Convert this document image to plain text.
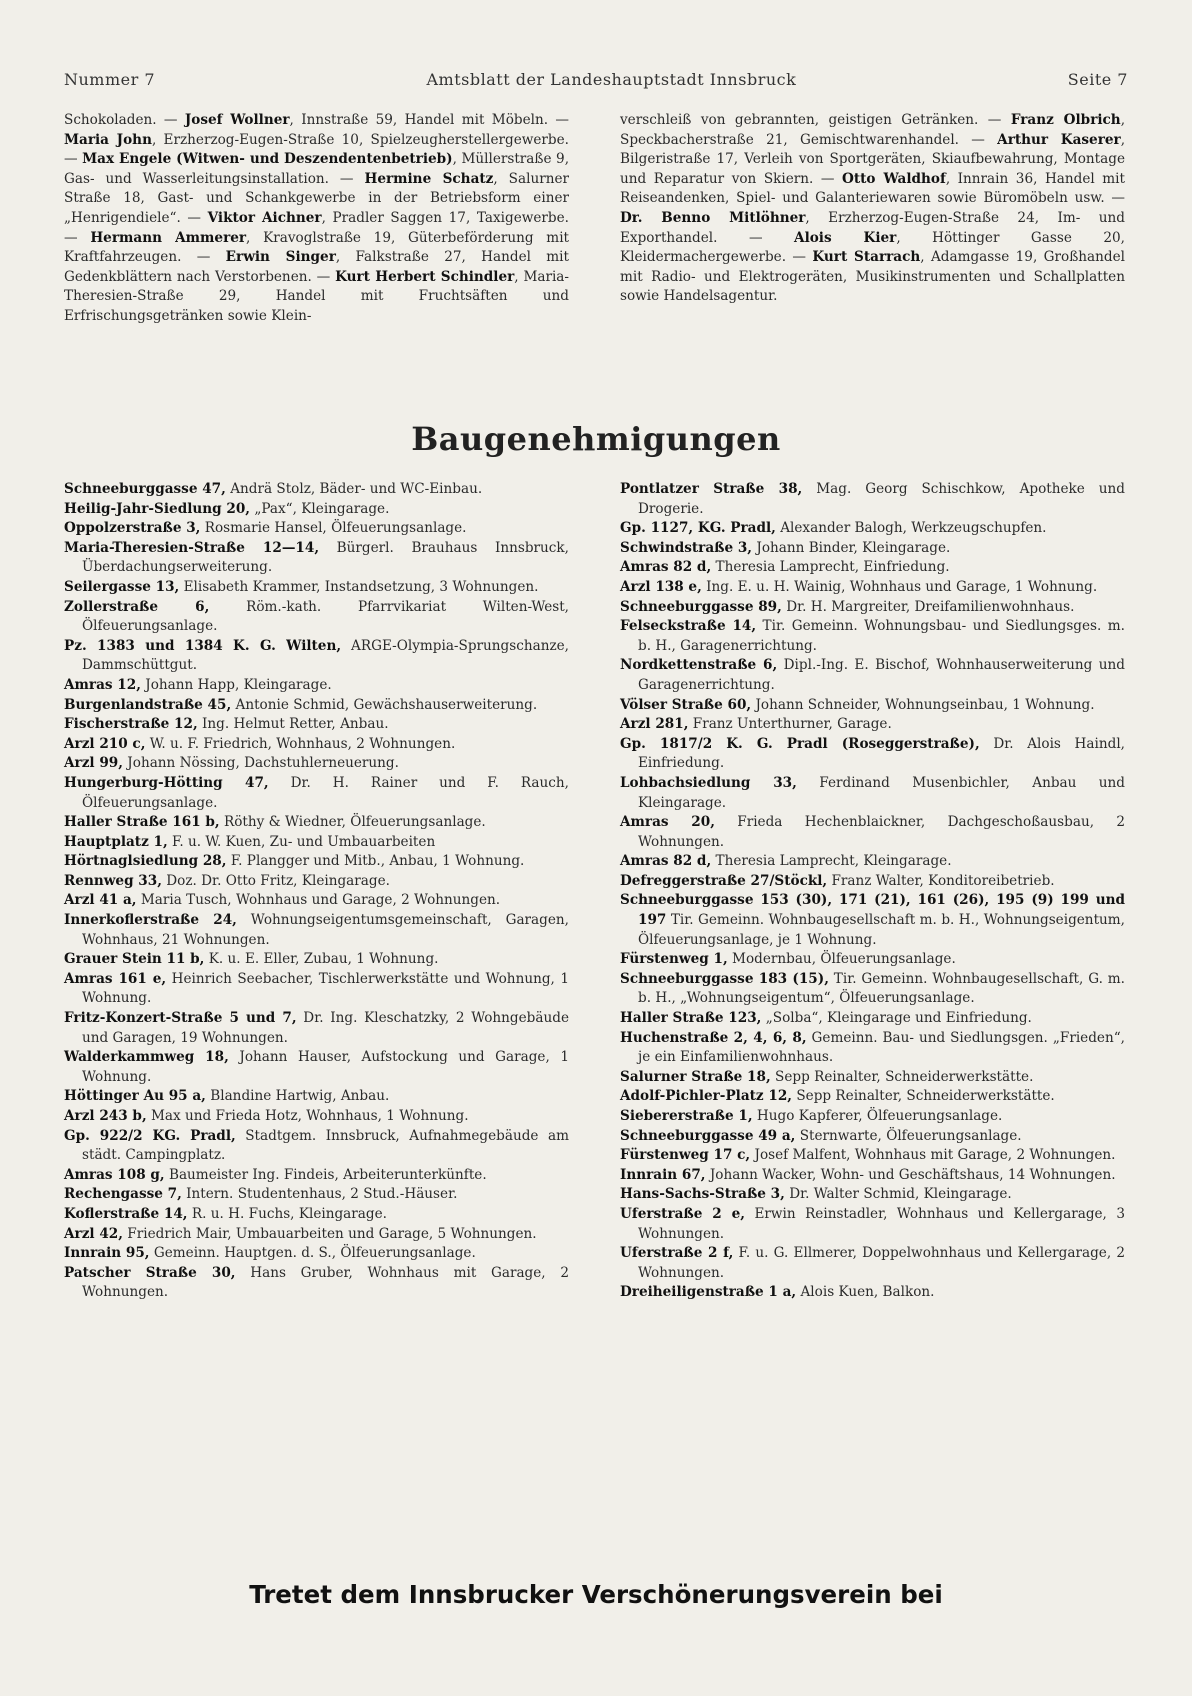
Nummer 7	Amtsblatt der Landeshauptstadt Innsbruck	Seite 7

Schokoladen. — Josef Wollner, Innstraße 59, Handel mit Möbeln. — Maria John, Erzherzog-Eugen-Straße 10, Spielzeugherstellergewerbe. — Max Engele (Witwen- und Deszendentenbetrieb), Müllerstraße 9, Gas- und Wasserleitungsinstallation. — Hermine Schatz, Salurner Straße 18, Gast- und Schankgewerbe in der Betriebsform einer „Henrigendiele“. — Viktor Aichner, Pradler Saggen 17, Taxigewerbe. — Hermann Ammerer, Kravoglstraße 19, Güterbeförderung mit Kraftfahrzeugen. — Erwin Singer, Falkstraße 27, Handel mit Gedenkblättern nach Verstorbenen. — Kurt Herbert Schindler, Maria-Theresien-Straße 29, Handel mit Fruchtsäften und Erfrischungsgetränken sowie Klein-

verschleiß von gebrannten, geistigen Getränken. — Franz Olbrich, Speckbacherstraße 21, Gemischtwarenhandel. — Arthur Kaserer, Bilgeristraße 17, Verleih von Sportgeräten, Skiaufbewahrung, Montage und Reparatur von Skiern. — Otto Waldhof, Innrain 36, Handel mit Reiseandenken, Spiel- und Galanteriewaren sowie Büromöbeln usw. — Dr. Benno Mitlöhner, Erzherzog-Eugen-Straße 24, Im- und Exporthandel. — Alois Kier, Höttinger Gasse 20, Kleidermachergewerbe. — Kurt Starrach, Adamgasse 19, Großhandel mit Radio- und Elektrogeräten, Musikinstrumenten und Schallplatten sowie Handelsagentur.

Baugenehmigungen

Schneeburggasse 47, Andrä Stolz, Bäder- und WC-Einbau.

Heilig-Jahr-Siedlung 20, „Pax“, Kleingarage.

Oppolzerstraße 3, Rosmarie Hansel, Ölfeuerungsanlage.

Maria-Theresien-Straße 12—14, Bürgerl. Brauhaus Innsbruck, Überdachungserweiterung.

Seilergasse 13, Elisabeth Krammer, Instandsetzung, 3 Wohnungen.

Zollerstraße 6, Röm.-kath. Pfarrvikariat Wilten-West, Ölfeuerungsanlage.

Pz. 1383 und 1384 K. G. Wilten, ARGE-Olympia-Sprungschanze, Dammschüttgut.

Amras 12, Johann Happ, Kleingarage.

Burgenlandstraße 45, Antonie Schmid, Gewächshauserweiterung.

Fischerstraße 12, Ing. Helmut Retter, Anbau.

Arzl 210 c, W. u. F. Friedrich, Wohnhaus, 2 Wohnungen.

Arzl 99, Johann Nössing, Dachstuhlerneuerung.

Hungerburg-Hötting 47, Dr. H. Rainer und F. Rauch, Ölfeuerungsanlage.

Haller Straße 161 b, Röthy & Wiedner, Ölfeuerungsanlage.

Hauptplatz 1, F. u. W. Kuen, Zu- und Umbauarbeiten

Hörtnaglsiedlung 28, F. Plangger und Mitb., Anbau, 1 Wohnung.

Rennweg 33, Doz. Dr. Otto Fritz, Kleingarage.

Arzl 41 a, Maria Tusch, Wohnhaus und Garage, 2 Wohnungen.

Innerkoflerstraße 24, Wohnungseigentumsgemeinschaft, Garagen, Wohnhaus, 21 Wohnungen.

Grauer Stein 11 b, K. u. E. Eller, Zubau, 1 Wohnung.

Amras 161 e, Heinrich Seebacher, Tischlerwerkstätte und Wohnung, 1 Wohnung.

Fritz-Konzert-Straße 5 und 7, Dr. Ing. Kleschatzky, 2 Wohngebäude und Garagen, 19 Wohnungen.

Walderkammweg 18, Johann Hauser, Aufstockung und Garage, 1 Wohnung.

Höttinger Au 95 a, Blandine Hartwig, Anbau.

Arzl 243 b, Max und Frieda Hotz, Wohnhaus, 1 Wohnung.

Gp. 922/2 KG. Pradl, Stadtgem. Innsbruck, Aufnahmegebäude am städt. Campingplatz.

Amras 108 g, Baumeister Ing. Findeis, Arbeiterunterkünfte.

Rechengasse 7, Intern. Studentenhaus, 2 Stud.-Häuser.

Koflerstraße 14, R. u. H. Fuchs, Kleingarage.

Arzl 42, Friedrich Mair, Umbauarbeiten und Garage, 5 Wohnungen.

Innrain 95, Gemeinn. Hauptgen. d. S., Ölfeuerungsanlage.

Patscher Straße 30, Hans Gruber, Wohnhaus mit Garage, 2 Wohnungen.

Pontlatzer Straße 38, Mag. Georg Schischkow, Apotheke und Drogerie.

Gp. 1127, KG. Pradl, Alexander Balogh, Werkzeugschupfen.

Schwindstraße 3, Johann Binder, Kleingarage.

Amras 82 d, Theresia Lamprecht, Einfriedung.

Arzl 138 e, Ing. E. u. H. Wainig, Wohnhaus und Garage, 1 Wohnung.

Schneeburggasse 89, Dr. H. Margreiter, Dreifamilienwohnhaus.

Felseckstraße 14, Tir. Gemeinn. Wohnungsbau- und Siedlungsges. m. b. H., Garagenerrichtung.

Nordkettenstraße 6, Dipl.-Ing. E. Bischof, Wohnhauserweiterung und Garagenerrichtung.

Völser Straße 60, Johann Schneider, Wohnungseinbau, 1 Wohnung.

Arzl 281, Franz Unterthurner, Garage.

Gp. 1817/2 K. G. Pradl (Roseggerstraße), Dr. Alois Haindl, Einfriedung.

Lohbachsiedlung 33, Ferdinand Musenbichler, Anbau und Kleingarage.

Amras 20, Frieda Hechenblaickner, Dachgeschoßausbau, 2 Wohnungen.

Amras 82 d, Theresia Lamprecht, Kleingarage.

Defreggerstraße 27/Stöckl, Franz Walter, Konditoreibetrieb.

Schneeburggasse 153 (30), 171 (21), 161 (26), 195 (9) 199 und 197 Tir. Gemeinn. Wohnbaugesellschaft m. b. H., Wohnungseigentum, Ölfeuerungsanlage, je 1 Wohnung.

Fürstenweg 1, Modernbau, Ölfeuerungsanlage.

Schneeburggasse 183 (15), Tir. Gemeinn. Wohnbaugesellschaft, G. m. b. H., „Wohnungseigentum“, Ölfeuerungsanlage.

Haller Straße 123, „Solba“, Kleingarage und Einfriedung.

Huchenstraße 2, 4, 6, 8, Gemeinn. Bau- und Siedlungsgen. „Frieden“, je ein Einfamilienwohnhaus.

Salurner Straße 18, Sepp Reinalter, Schneiderwerkstätte.

Adolf-Pichler-Platz 12, Sepp Reinalter, Schneiderwerkstätte.

Siebererstraße 1, Hugo Kapferer, Ölfeuerungsanlage.

Schneeburggasse 49 a, Sternwarte, Ölfeuerungsanlage.

Fürstenweg 17 c, Josef Malfent, Wohnhaus mit Garage, 2 Wohnungen.

Innrain 67, Johann Wacker, Wohn- und Geschäftshaus, 14 Wohnungen.

Hans-Sachs-Straße 3, Dr. Walter Schmid, Kleingarage.

Uferstraße 2 e, Erwin Reinstadler, Wohnhaus und Kellergarage, 3 Wohnungen.

Uferstraße 2 f, F. u. G. Ellmerer, Doppelwohnhaus und Kellergarage, 2 Wohnungen.

Dreiheiligenstraße 1 a, Alois Kuen, Balkon.

Tretet dem Innsbrucker Verschönerungsverein bei
